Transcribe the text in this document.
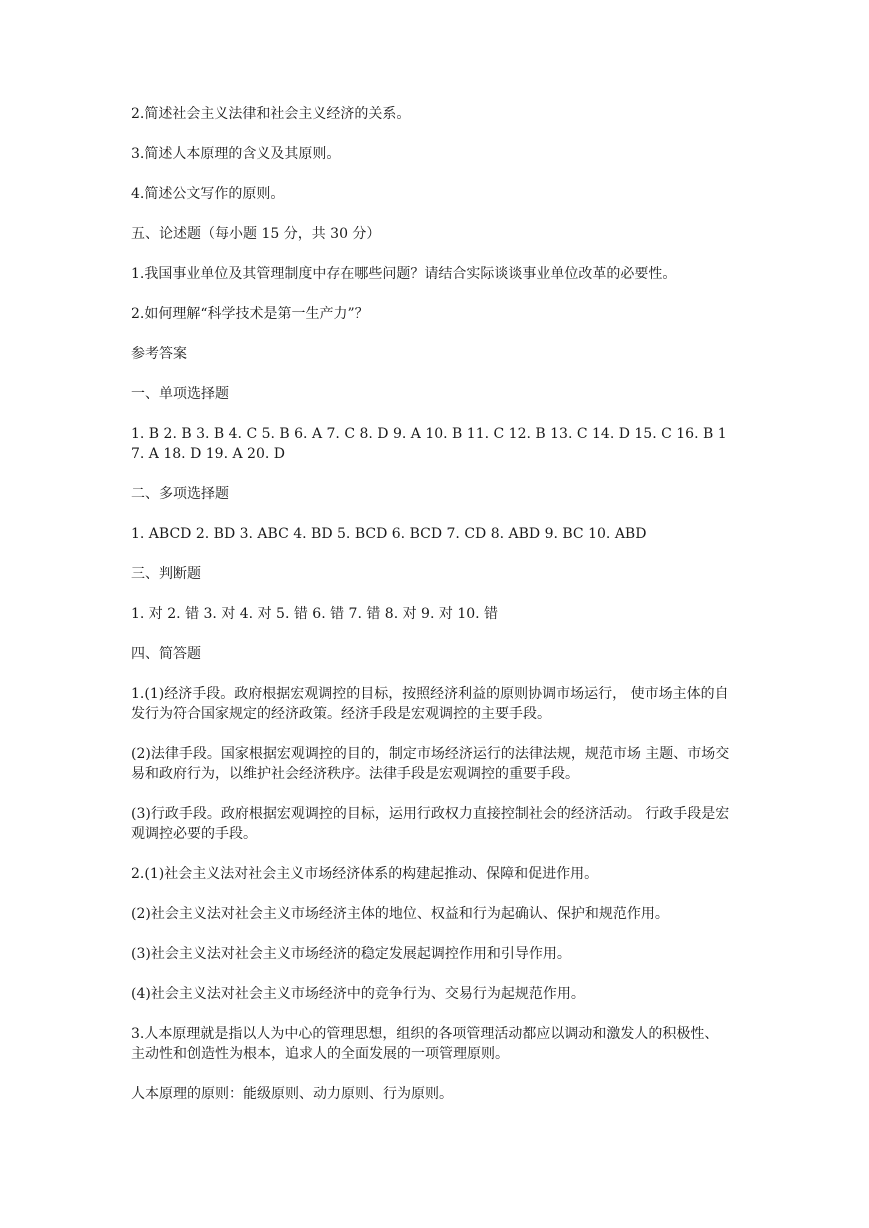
2.简述社会主义法律和社会主义经济的关系。

3.简述人本原理的含义及其原则。

4.简述公文写作的原则。

五、论述题（每小题 15 分，共 30 分）

1.我国事业单位及其管理制度中存在哪些问题？请结合实际谈谈事业单位改革的必要性。

2.如何理解“科学技术是第一生产力”？

参考答案

一、单项选择题

1. B 2. B 3. B 4. C 5. B 6. A 7. C 8. D 9. A 10. B 11. C 12. B 13. C 14. D 15. C 16. B 17. A 18. D 19. A 20. D

二、多项选择题

1. ABCD 2. BD 3. ABC 4. BD 5. BCD 6. BCD 7. CD 8. ABD 9. BC 10. ABD

三、判断题

1. 对 2. 错 3. 对 4. 对 5. 错 6. 错 7. 错 8. 对 9. 对 10. 错

四、简答题

1.(1)经济手段。政府根据宏观调控的目标，按照经济利益的原则协调市场运行， 使市场主体的自发行为符合国家规定的经济政策。经济手段是宏观调控的主要手段。

(2)法律手段。国家根据宏观调控的目的，制定市场经济运行的法律法规，规范市场 主题、市场交易和政府行为，以维护社会经济秩序。法律手段是宏观调控的重要手段。

(3)行政手段。政府根据宏观调控的目标，运用行政权力直接控制社会的经济活动。 行政手段是宏观调控必要的手段。

2.(1)社会主义法对社会主义市场经济体系的构建起推动、保障和促进作用。

(2)社会主义法对社会主义市场经济主体的地位、权益和行为起确认、保护和规范作用。

(3)社会主义法对社会主义市场经济的稳定发展起调控作用和引导作用。

(4)社会主义法对社会主义市场经济中的竞争行为、交易行为起规范作用。

3.人本原理就是指以人为中心的管理思想，组织的各项管理活动都应以调动和激发人的积极性、主动性和创造性为根本，追求人的全面发展的一项管理原则。

人本原理的原则：能级原则、动力原则、行为原则。
